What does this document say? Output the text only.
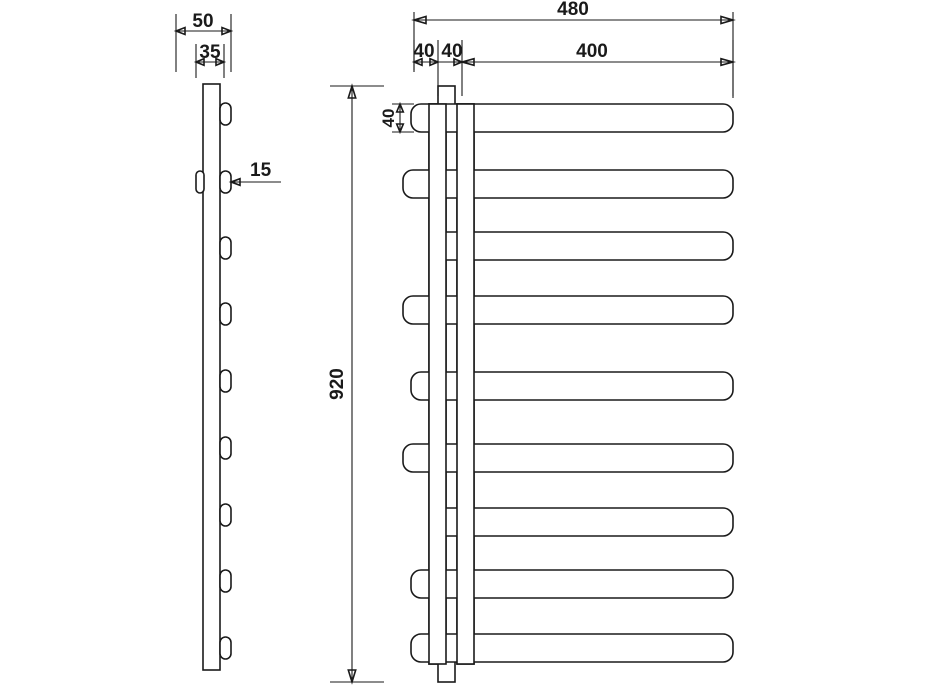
50
35
15
480
40 40	400
40
920
